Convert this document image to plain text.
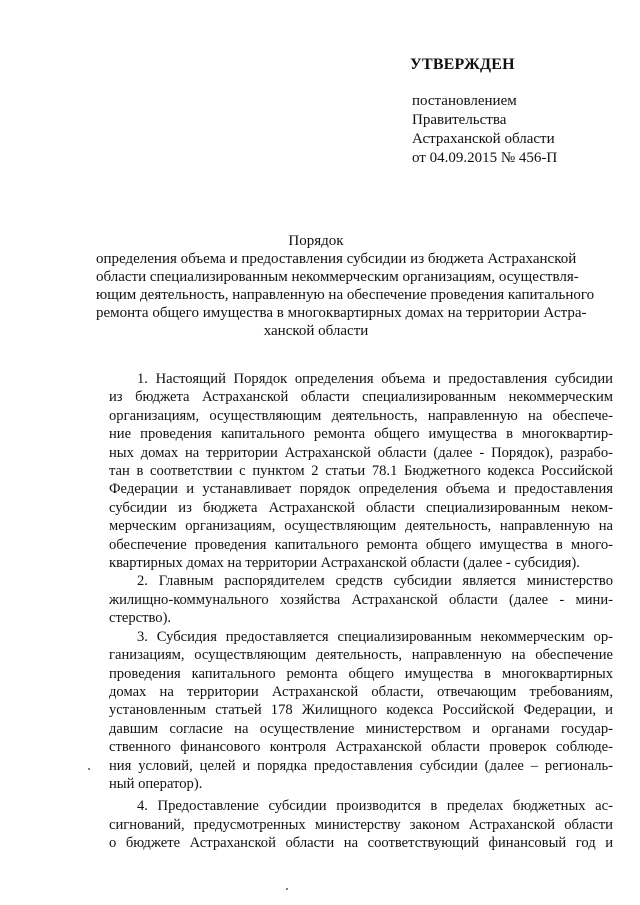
УТВЕРЖДЕН
постановлением
Правительства
Астраханской области
от 04.09.2015 № 456-П
Порядок
определения объема и предоставления субсидии из бюджета Астраханской
области специализированным некоммерческим организациям, осуществля-
ющим деятельность, направленную на обеспечение проведения капитального
ремонта общего имущества в многоквартирных домах на территории Астра-
ханской области
1. Настоящий Порядок определения объема и предоставления субсидии
из бюджета Астраханской области специализированным некоммерческим
организациям, осуществляющим деятельность, направленную на обеспече-
ние проведения капитального ремонта общего имущества в многоквартир-
ных домах на территории Астраханской области (далее - Порядок), разрабо-
тан в соответствии с пунктом 2 статьи 78.1 Бюджетного кодекса Российской
Федерации и устанавливает порядок определения объема и предоставления
субсидии из бюджета Астраханской области специализированным неком-
мерческим организациям, осуществляющим деятельность, направленную на
обеспечение проведения капитального ремонта общего имущества в много-
квартирных домах на территории Астраханской области (далее - субсидия).
2. Главным распорядителем средств субсидии является министерство
жилищно-коммунального хозяйства Астраханской области (далее - мини-
стерство).
3. Субсидия предоставляется специализированным некоммерческим ор-
ганизациям, осуществляющим деятельность, направленную на обеспечение
проведения капитального ремонта общего имущества в многоквартирных
домах на территории Астраханской области, отвечающим требованиям,
установленным статьей 178 Жилищного кодекса Российской Федерации, и
давшим согласие на осуществление министерством и органами государ-
ственного финансового контроля Астраханской области проверок соблюде-
ния условий, целей и порядка предоставления субсидии (далее – региональ-
ный оператор).
4. Предоставление субсидии производится в пределах бюджетных ас-
сигнований, предусмотренных министерству законом Астраханской области
о бюджете Астраханской области на соответствующий финансовый год и
